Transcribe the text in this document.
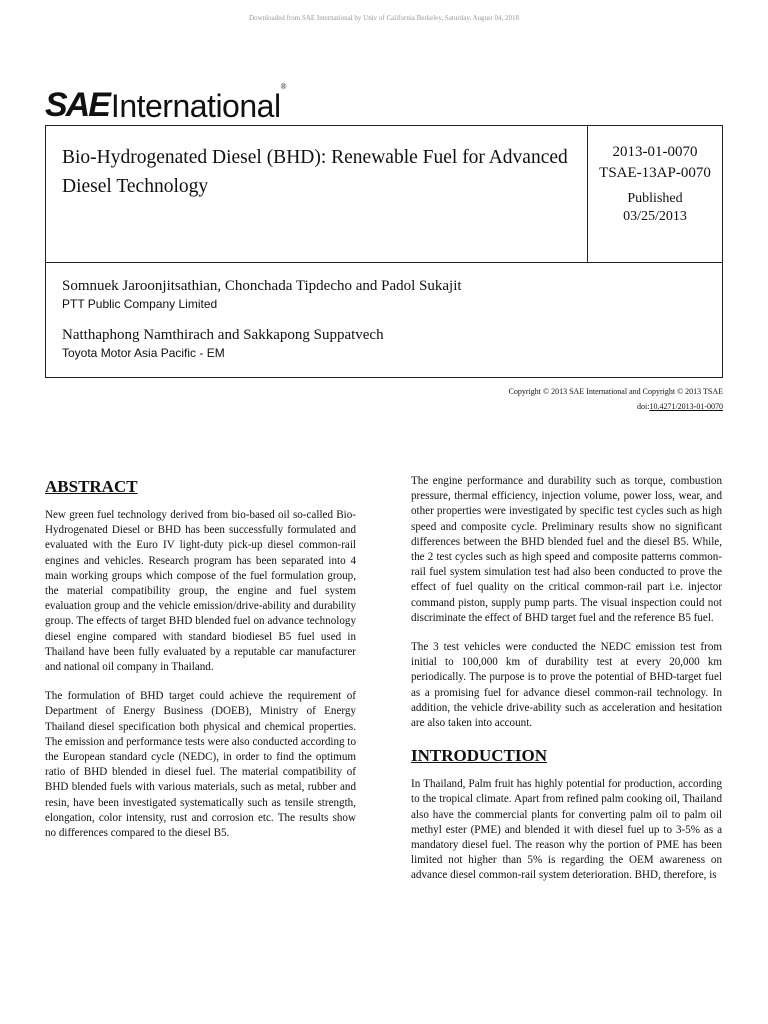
Downloaded from SAE International by Univ of California Berkeley, Saturday, August 04, 2018
SAE International
®
Bio-Hydrogenated Diesel (BHD): Renewable Fuel for Advanced Diesel Technology
2013-01-0070
TSAE-13AP-0070
Published
03/25/2013
Somnuek Jaroonjitsathian, Chonchada Tipdecho and Padol Sukajit
PTT Public Company Limited
Natthaphong Namthirach and Sakkapong Suppatvech
Toyota Motor Asia Pacific - EM
Copyright © 2013 SAE International and Copyright © 2013 TSAE
doi:10.4271/2013-01-0070
ABSTRACT

New green fuel technology derived from bio-based oil so-called Bio-Hydrogenated Diesel or BHD has been successfully formulated and evaluated with the Euro IV light-duty pick-up diesel common-rail engines and vehicles. Research program has been separated into 4 main working groups which compose of the fuel formulation group, the material compatibility group, the engine and fuel system evaluation group and the vehicle emission/drive-ability and durability group. The effects of target BHD blended fuel on advance technology diesel engine compared with standard biodiesel B5 fuel used in Thailand have been fully evaluated by a reputable car manufacturer and national oil company in Thailand.

The formulation of BHD target could achieve the requirement of Department of Energy Business (DOEB), Ministry of Energy Thailand diesel specification both physical and chemical properties. The emission and performance tests were also conducted according to the European standard cycle (NEDC), in order to find the optimum ratio of BHD blended in diesel fuel. The material compatibility of BHD blended fuels with various materials, such as metal, rubber and resin, have been investigated systematically such as tensile strength, elongation, color intensity, rust and corrosion etc. The results show no differences compared to the diesel B5.

The engine performance and durability such as torque, combustion pressure, thermal efficiency, injection volume, power loss, wear, and other properties were investigated by specific test cycles such as high speed and composite cycle. Preliminary results show no significant differences between the BHD blended fuel and the diesel B5. While, the 2 test cycles such as high speed and composite patterns common-rail fuel system simulation test had also been conducted to prove the effect of fuel quality on the critical common-rail part i.e. injector command piston, supply pump parts. The visual inspection could not discriminate the effect of BHD target fuel and the reference B5 fuel.

The 3 test vehicles were conducted the NEDC emission test from initial to 100,000 km of durability test at every 20,000 km periodically. The purpose is to prove the potential of BHD-target fuel as a promising fuel for advance diesel common-rail technology. In addition, the vehicle drive-ability such as acceleration and hesitation are also taken into account.

INTRODUCTION

In Thailand, Palm fruit has highly potential for production, according to the tropical climate. Apart from refined palm cooking oil, Thailand also have the commercial plants for converting palm oil to palm oil methyl ester (PME) and blended it with diesel fuel up to 3-5% as a mandatory diesel fuel. The reason why the portion of PME has been limited not higher than 5% is regarding the OEM awareness on advance diesel common-rail system deterioration. BHD, therefore, is
